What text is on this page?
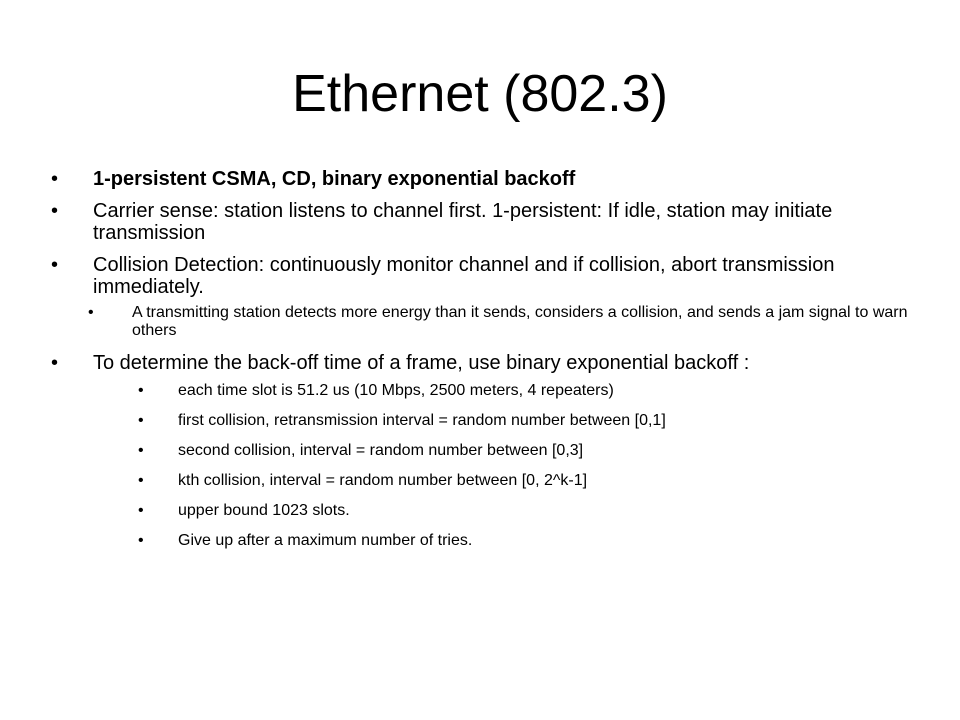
Ethernet (802.3)
•	1-persistent CSMA, CD, binary exponential backoff
•	Carrier sense: station listens to channel first. 1-persistent: If idle, station may initiate transmission
•	Collision Detection: continuously monitor channel and if collision, abort transmission immediately.
•	A transmitting station detects more energy than it sends, considers a collision, and sends a jam signal to warn others
•	To determine the back-off time of a frame, use binary exponential backoff :
•	each time slot is 51.2 us (10 Mbps, 2500 meters, 4 repeaters)
•	first collision, retransmission interval = random number between [0,1]
•	second collision, interval = random number between [0,3]
•	kth collision, interval = random number between [0, 2^k-1]
•	upper bound 1023 slots.
•	Give up after a maximum number of tries.
